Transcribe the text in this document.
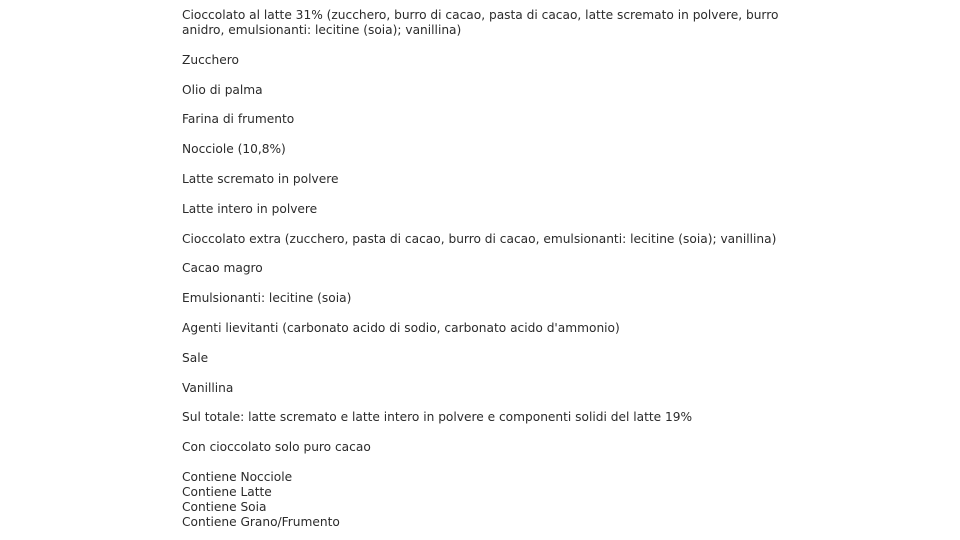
Cioccolato al latte 31% (zucchero, burro di cacao, pasta di cacao, latte scremato in polvere, burro anidro, emulsionanti: lecitine (soia); vanillina)
Zucchero
Olio di palma
Farina di frumento
Nocciole (10,8%)
Latte scremato in polvere
Latte intero in polvere
Cioccolato extra (zucchero, pasta di cacao, burro di cacao, emulsionanti: lecitine (soia); vanillina)
Cacao magro
Emulsionanti: lecitine (soia)
Agenti lievitanti (carbonato acido di sodio, carbonato acido d'ammonio)
Sale
Vanillina
Sul totale: latte scremato e latte intero in polvere e componenti solidi del latte 19%
Con cioccolato solo puro cacao
Contiene Nocciole
Contiene Latte
Contiene Soia
Contiene Grano/Frumento
